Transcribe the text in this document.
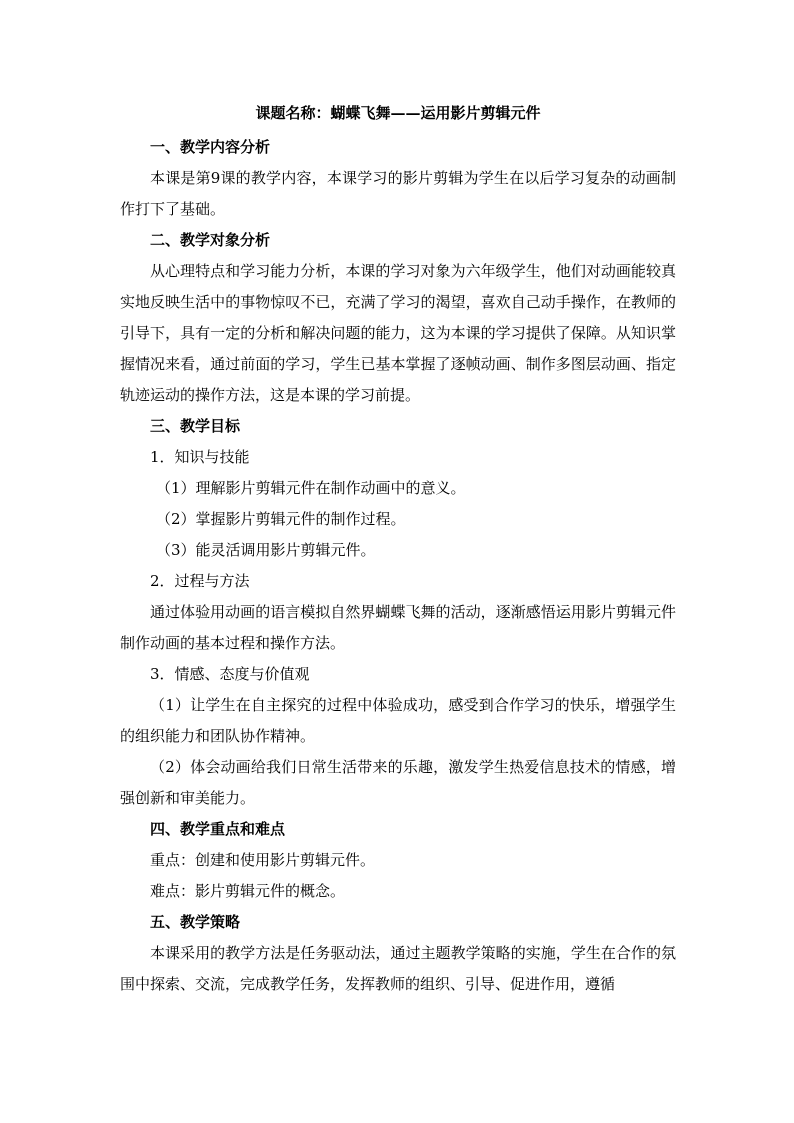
课题名称：蝴蝶飞舞——运用影片剪辑元件
一、教学内容分析

本课是第9课的教学内容，本课学习的影片剪辑为学生在以后学习复杂的动画制作打下了基础。

二、教学对象分析

从心理特点和学习能力分析，本课的学习对象为六年级学生，他们对动画能较真实地反映生活中的事物惊叹不已，充满了学习的渴望，喜欢自己动手操作，在教师的引导下，具有一定的分析和解决问题的能力，这为本课的学习提供了保障。从知识掌握情况来看，通过前面的学习，学生已基本掌握了逐帧动画、制作多图层动画、指定轨迹运动的操作方法，这是本课的学习前提。

三、教学目标
1．知识与技能
（1）理解影片剪辑元件在制作动画中的意义。
（2）掌握影片剪辑元件的制作过程。
（3）能灵活调用影片剪辑元件。
2．过程与方法

通过体验用动画的语言模拟自然界蝴蝶飞舞的活动，逐渐感悟运用影片剪辑元件制作动画的基本过程和操作方法。

3．情感、态度与价值观

（1）让学生在自主探究的过程中体验成功，感受到合作学习的快乐，增强学生的组织能力和团队协作精神。

（2）体会动画给我们日常生活带来的乐趣，激发学生热爱信息技术的情感，增强创新和审美能力。

四、教学重点和难点
重点：创建和使用影片剪辑元件。
难点：影片剪辑元件的概念。
五、教学策略

本课采用的教学方法是任务驱动法，通过主题教学策略的实施，学生在合作的氛围中探索、交流，完成教学任务，发挥教师的组织、引导、促进作用，遵循
